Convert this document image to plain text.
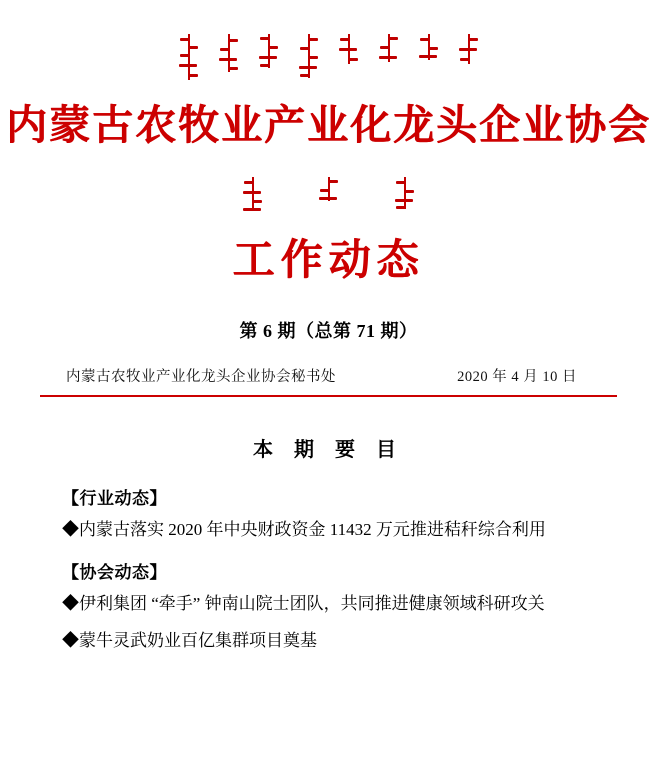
内蒙古农牧业产业化龙头企业协会
工作动态
第 6 期（总第 71 期）
内蒙古农牧业产业化龙头企业协会秘书处	2020 年 4 月 10 日
本 期 要 目
【行业动态】
◆内蒙古落实 2020 年中央财政资金 11432 万元推进秸秆综合利用
【协会动态】
◆伊利集团 “牵手” 钟南山院士团队，共同推进健康领域科研攻关
◆蒙牛灵武奶业百亿集群项目奠基
